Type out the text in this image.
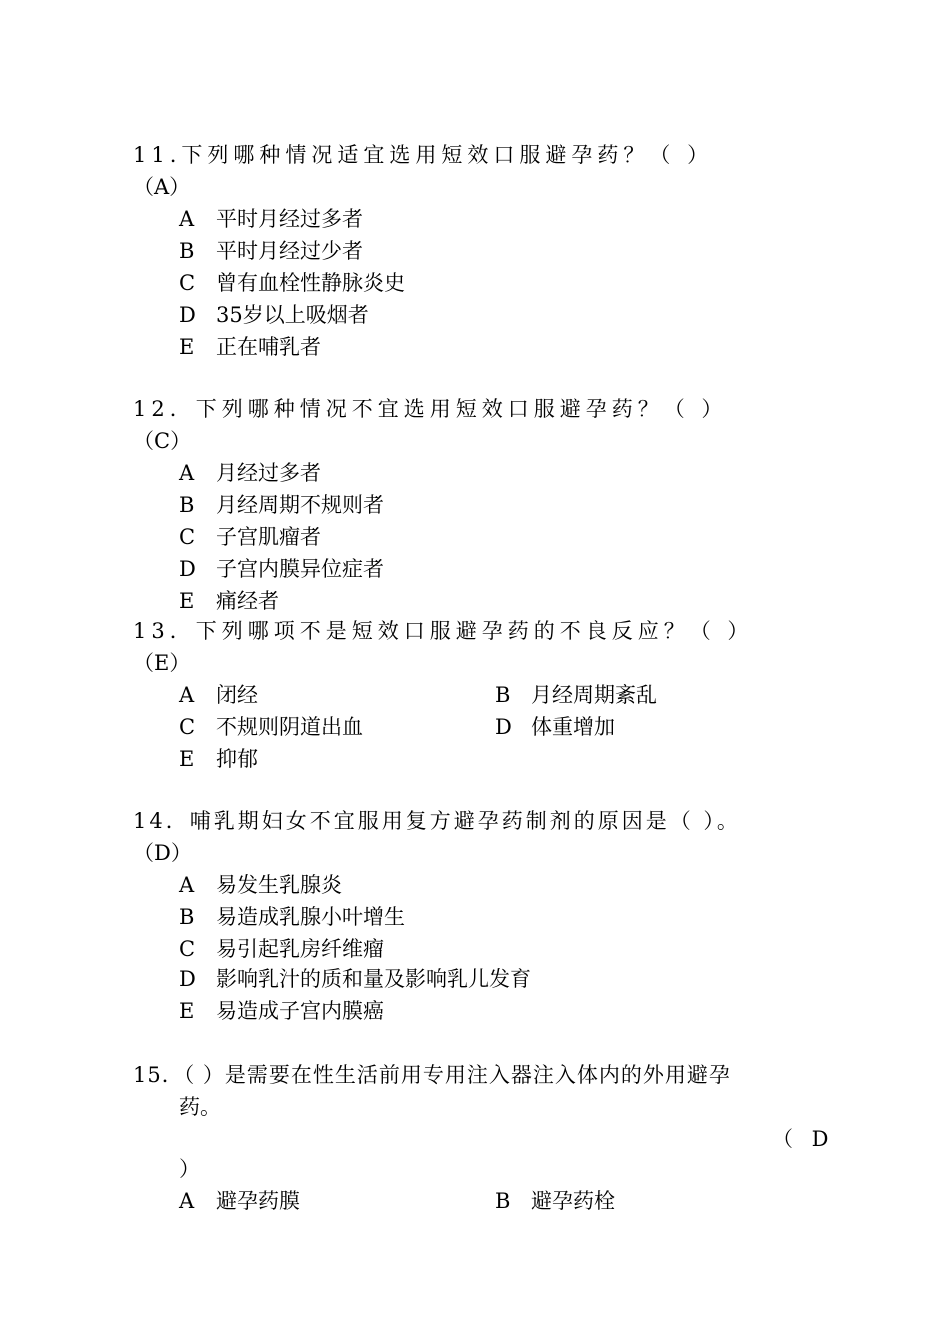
11.下列哪种情况适宜选用短效口服避孕药？（ ）
（A）
A 平时月经过多者
B 平时月经过少者
C 曾有血栓性静脉炎史
D 35岁以上吸烟者
E 正在哺乳者
12．下列哪种情况不宜选用短效口服避孕药？（ ）
（C）
A 月经过多者
B 月经周期不规则者
C 子宫肌瘤者
D 子宫内膜异位症者
E 痛经者
13．下列哪项不是短效口服避孕药的不良反应？（ ）
（E）
A 闭经	B 月经周期紊乱
C 不规则阴道出血	D 体重增加
E 抑郁
14．哺乳期妇女不宜服用复方避孕药制剂的原因是（ ）。
（D）
A 易发生乳腺炎
B 易造成乳腺小叶增生
C 易引起乳房纤维瘤
D 影响乳汁的质和量及影响乳儿发育
E 易造成子宫内膜癌
15．（ ）是需要在性生活前用专用注入器注入体内的外用避孕
药。
（ D
）
A 避孕药膜	B 避孕药栓
